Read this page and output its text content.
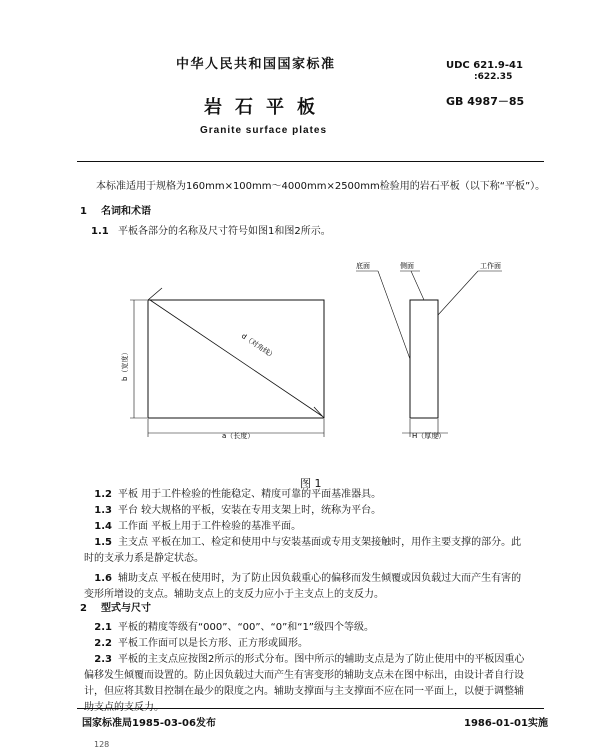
中华人民共和国国家标准	UDC 621.9-41
:622.35
GB 4987－85
岩石平板
Granite surface plates
本标准适用于规格为160mm×100mm～4000mm×2500mm检验用的岩石平板（以下称“平板”）。
1 名词和术语
1.1 平板各部分的名称及尺寸符号如图1和图2所示。
底面	侧面	工作面
b（宽度）
d（对角线）
a（长度）	H（厚度）
图 1
1.2 平板 用于工件检验的性能稳定、精度可靠的平面基准器具。
1.3 平台 较大规格的平板，安装在专用支架上时，统称为平台。
1.4 工作面 平板上用于工件检验的基准平面。
1.5 主支点 平板在加工、检定和使用中与安装基面或专用支架接触时，用作主要支撑的部分。此
时的支承力系是静定状态。
1.6 辅助支点 平板在使用时，为了防止因负载重心的偏移而发生倾覆或因负载过大而产生有害的
变形所增设的支点。辅助支点上的支反力应小于主支点上的支反力。
2 型式与尺寸
2.1 平板的精度等级有“000”、“00”、“0”和“1”级四个等级。
2.2 平板工作面可以是长方形、正方形或圆形。
2.3 平板的主支点应按图2所示的形式分布。图中所示的辅助支点是为了防止使用中的平板因重心
偏移发生倾覆而设置的。防止因负载过大而产生有害变形的辅助支点未在图中标出，由设计者自行设
计，但应将其数目控制在最少的限度之内。辅助支撑面与主支撑面不应在同一平面上，以便于调整辅
助支点的支反力。
国家标准局1985-03-06发布	1986-01-01实施
128
